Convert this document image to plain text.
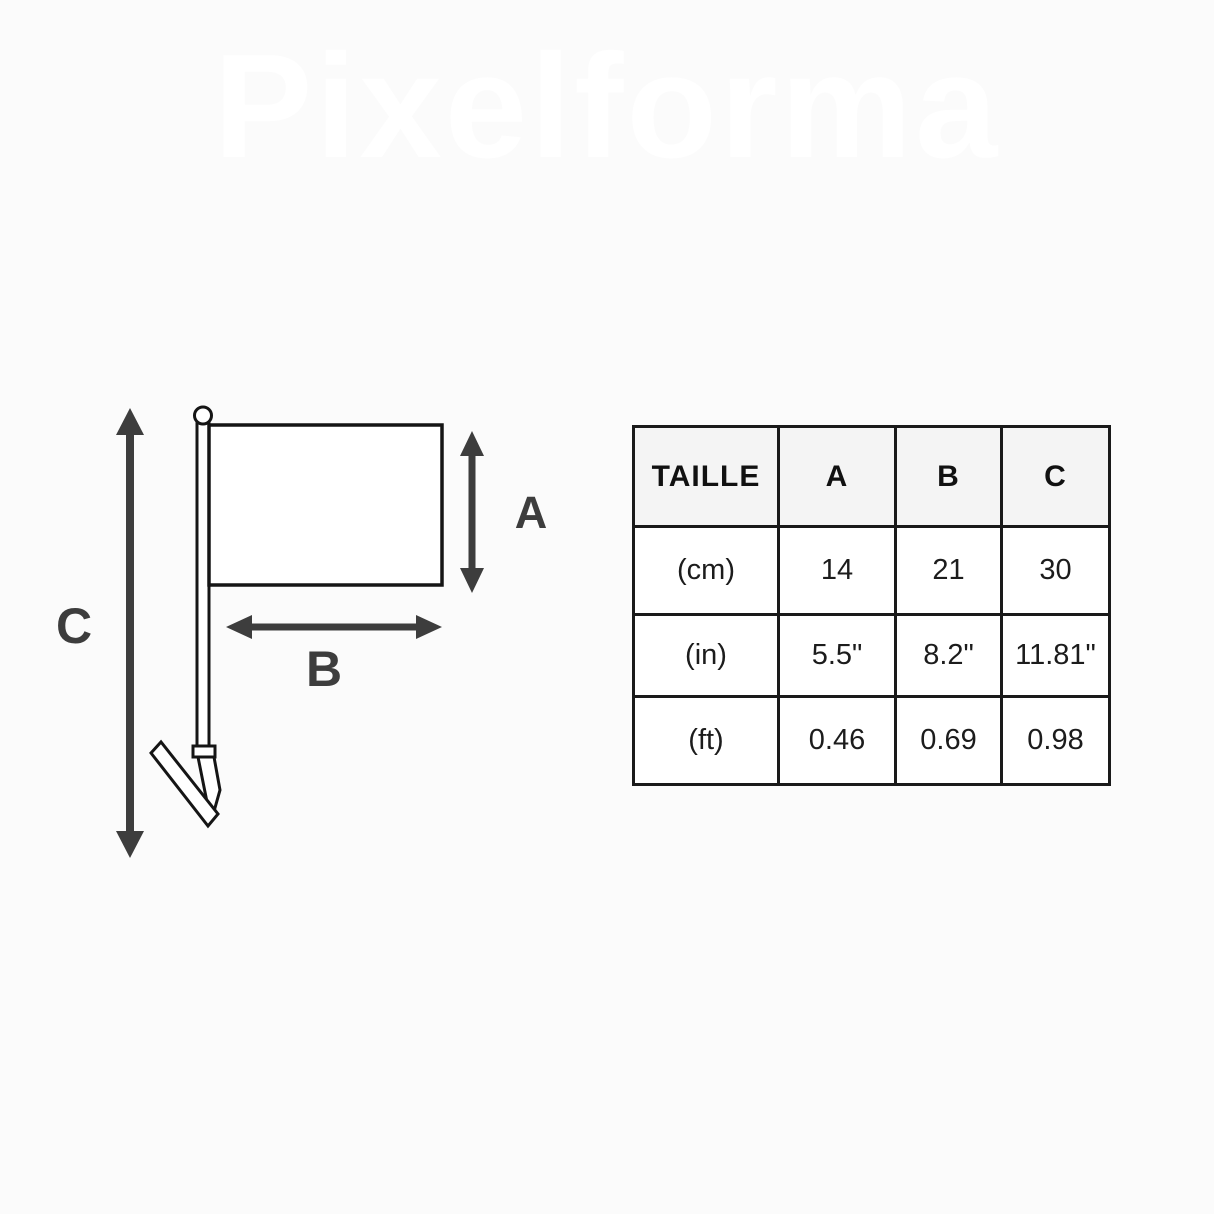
Pixelforma
C
A
B
TAILLE	A	B	C
(cm)	14	21	30
(in)	5.5"	8.2"	11.81"
(ft)	0.46	0.69	0.98
